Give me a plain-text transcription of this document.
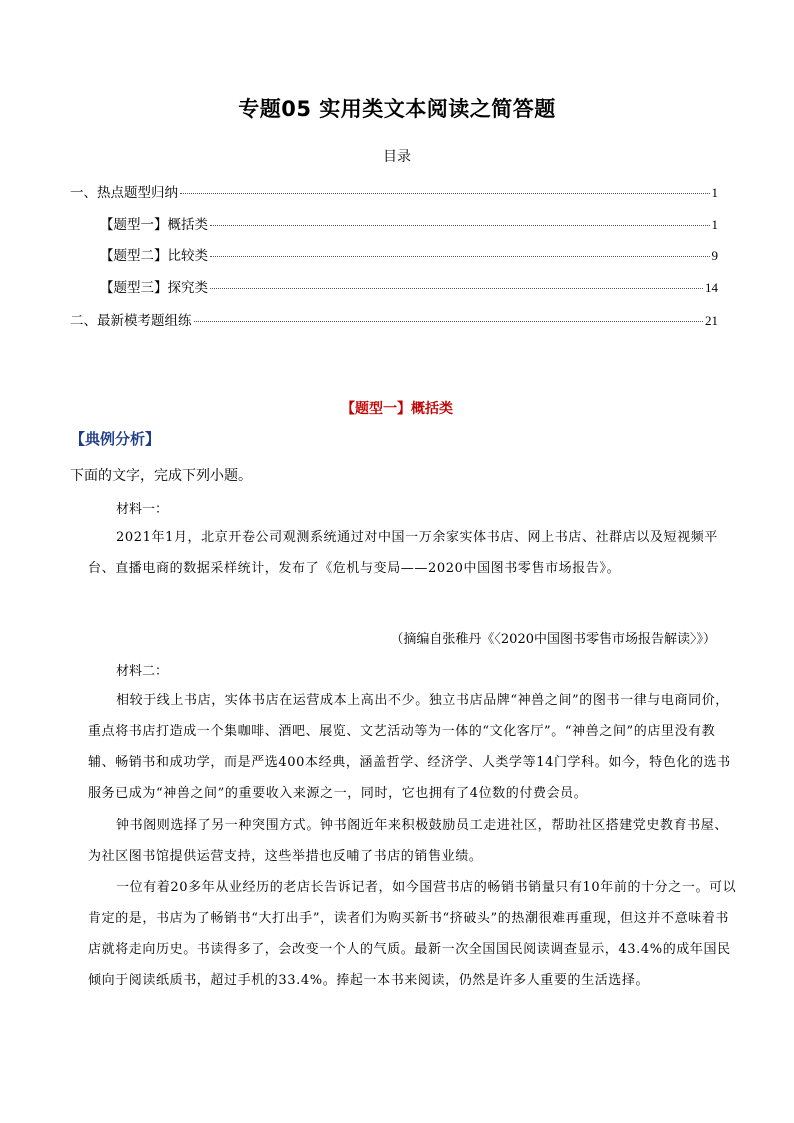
专题05 实用类文本阅读之简答题
目录
一、热点题型归纳	1
【题型一】概括类	1
【题型二】比较类	9
【题型三】探究类	14
二、最新模考题组练	21
【题型一】概括类
【典例分析】
下面的文字，完成下列小题。
材料一：
2021年1月，北京开卷公司观测系统通过对中国一万余家实体书店、网上书店、社群店以及短视频平台、直播电商的数据采样统计，发布了《危机与变局——2020中国图书零售市场报告》。
（摘编自张稚丹《〈2020中国图书零售市场报告解读〉》）
材料二：
相较于线上书店，实体书店在运营成本上高出不少。独立书店品牌“神兽之间”的图书一律与电商同价，重点将书店打造成一个集咖啡、酒吧、展览、文艺活动等为一体的“文化客厅”。“神兽之间”的店里没有教辅、畅销书和成功学，而是严选400本经典，涵盖哲学、经济学、人类学等14门学科。如今，特色化的选书服务已成为“神兽之间”的重要收入来源之一，同时，它也拥有了4位数的付费会员。
钟书阁则选择了另一种突围方式。钟书阁近年来积极鼓励员工走进社区，帮助社区搭建党史教育书屋、为社区图书馆提供运营支持，这些举措也反哺了书店的销售业绩。
一位有着20多年从业经历的老店长告诉记者，如今国营书店的畅销书销量只有10年前的十分之一。可以肯定的是，书店为了畅销书“大打出手”，读者们为购买新书“挤破头”的热潮很难再重现，但这并不意味着书店就将走向历史。书读得多了，会改变一个人的气质。最新一次全国国民阅读调查显示，43.4%的成年国民倾向于阅读纸质书，超过手机的33.4%。捧起一本书来阅读，仍然是许多人重要的生活选择。
